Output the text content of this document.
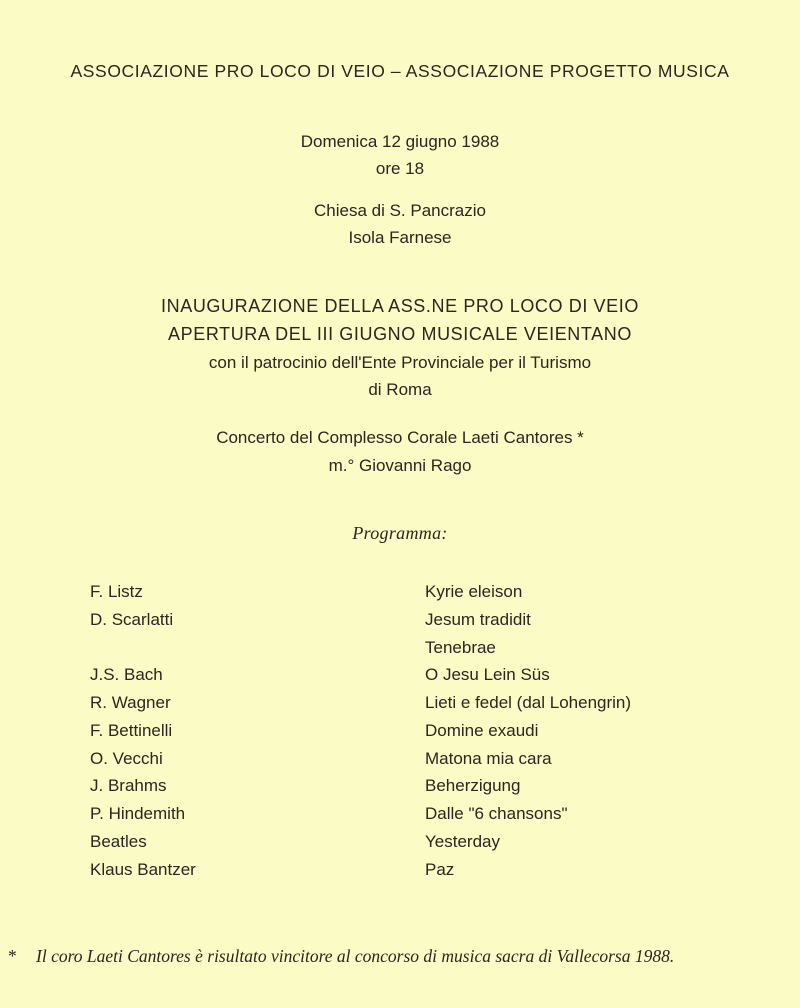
ASSOCIAZIONE PRO LOCO DI VEIO – ASSOCIAZIONE PROGETTO MUSICA
Domenica 12 giugno 1988
ore 18
Chiesa di S. Pancrazio
Isola Farnese
INAUGURAZIONE DELLA ASS.NE PRO LOCO DI VEIO
APERTURA DEL III GIUGNO MUSICALE VEIENTANO
con il patrocinio dell'Ente Provinciale per il Turismo
di Roma
Concerto del Complesso Corale Laeti Cantores *
m.° Giovanni Rago
Programma:
F. Listz
D. Scarlatti
J.S. Bach
R. Wagner
F. Bettinelli
O. Vecchi
J. Brahms
P. Hindemith
Beatles
Klaus Bantzer
Kyrie eleison
Jesum tradidit
Tenebrae
O Jesu Lein Süs
Lieti e fedel (dal Lohengrin)
Domine exaudi
Matona mia cara
Beherzigung
Dalle "6 chansons"
Yesterday
Paz
* Il coro Laeti Cantores è risultato vincitore al concorso di musica sacra di Vallecorsa 1988.
